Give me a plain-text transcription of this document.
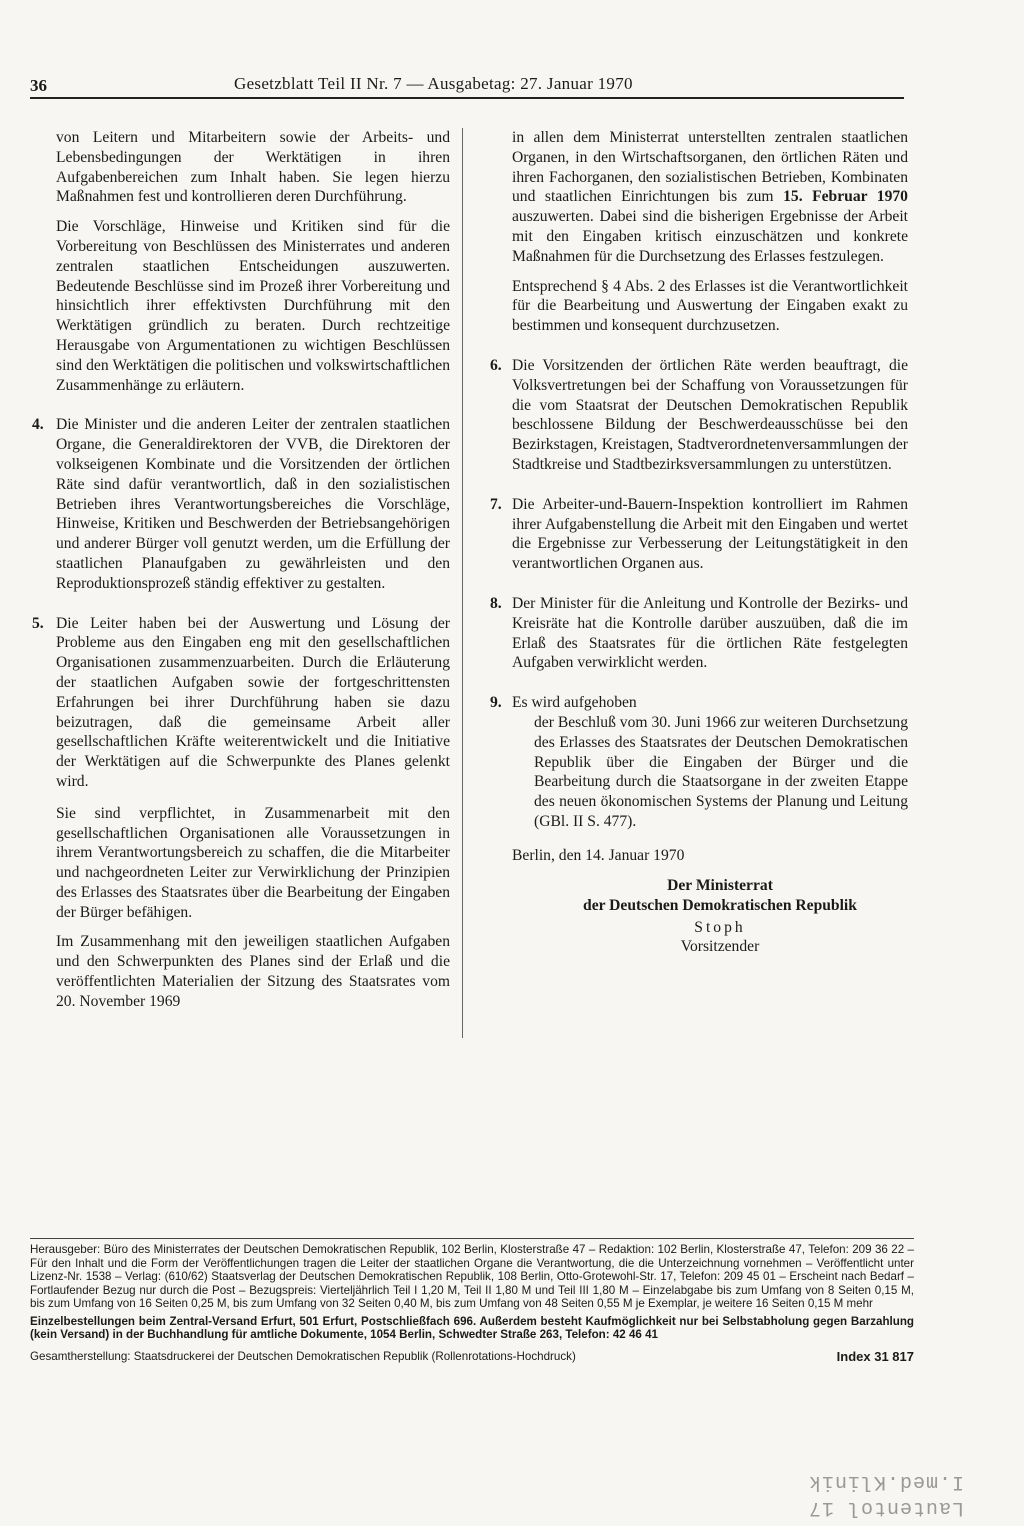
36	Gesetzblatt Teil II Nr. 7 — Ausgabetag: 27. Januar 1970

von Leitern und Mitarbeitern sowie der Arbeits- und Lebensbedingungen der Werktätigen in ihren Aufgabenbereichen zum Inhalt haben. Sie legen hierzu Maßnahmen fest und kontrollieren deren Durchführung.

Die Vorschläge, Hinweise und Kritiken sind für die Vorbereitung von Beschlüssen des Ministerrates und anderen zentralen staatlichen Entscheidungen auszuwerten. Bedeutende Beschlüsse sind im Prozeß ihrer Vorbereitung und hinsichtlich ihrer effektivsten Durchführung mit den Werktätigen gründlich zu beraten. Durch rechtzeitige Herausgabe von Argumentationen zu wichtigen Beschlüssen sind den Werktätigen die politischen und volkswirtschaftlichen Zusammenhänge zu erläutern.

4. Die Minister und die anderen Leiter der zentralen staatlichen Organe, die Generaldirektoren der VVB, die Direktoren der volkseigenen Kombinate und die Vorsitzenden der örtlichen Räte sind dafür verantwortlich, daß in den sozialistischen Betrieben ihres Verantwortungsbereiches die Vorschläge, Hinweise, Kritiken und Beschwerden der Betriebsangehörigen und anderer Bürger voll genutzt werden, um die Erfüllung der staatlichen Planaufgaben zu gewährleisten und den Reproduktionsprozeß ständig effektiver zu gestalten.
5. Die Leiter haben bei der Auswertung und Lösung der Probleme aus den Eingaben eng mit den gesellschaftlichen Organisationen zusammenzuarbeiten. Durch die Erläuterung der staatlichen Aufgaben sowie der fortgeschrittensten Erfahrungen bei ihrer Durchführung haben sie dazu beizutragen, daß die gemeinsame Arbeit aller gesellschaftlichen Kräfte weiterentwickelt und die Initiative der Werktätigen auf die Schwerpunkte des Planes gelenkt wird.

Sie sind verpflichtet, in Zusammenarbeit mit den gesellschaftlichen Organisationen alle Voraussetzungen in ihrem Verantwortungsbereich zu schaffen, die die Mitarbeiter und nachgeordneten Leiter zur Verwirklichung der Prinzipien des Erlasses des Staatsrates über die Bearbeitung der Eingaben der Bürger befähigen.

Im Zusammenhang mit den jeweiligen staatlichen Aufgaben und den Schwerpunkten des Planes sind der Erlaß und die veröffentlichten Materialien der Sitzung des Staatsrates vom 20. November 1969

in allen dem Ministerrat unterstellten zentralen staatlichen Organen, in den Wirtschaftsorganen, den örtlichen Räten und ihren Fachorganen, den sozialistischen Betrieben, Kombinaten und staatlichen Einrichtungen bis zum 15. Februar 1970 auszuwerten. Dabei sind die bisherigen Ergebnisse der Arbeit mit den Eingaben kritisch einzuschätzen und konkrete Maßnahmen für die Durchsetzung des Erlasses festzulegen.

Entsprechend § 4 Abs. 2 des Erlasses ist die Verantwortlichkeit für die Bearbeitung und Auswertung der Eingaben exakt zu bestimmen und konsequent durchzusetzen.

6. Die Vorsitzenden der örtlichen Räte werden beauftragt, die Volksvertretungen bei der Schaffung von Voraussetzungen für die vom Staatsrat der Deutschen Demokratischen Republik beschlossene Bildung der Beschwerdeausschüsse bei den Bezirkstagen, Kreistagen, Stadtverordnetenversammlungen der Stadtkreise und Stadtbezirksversammlungen zu unterstützen.
7. Die Arbeiter-und-Bauern-Inspektion kontrolliert im Rahmen ihrer Aufgabenstellung die Arbeit mit den Eingaben und wertet die Ergebnisse zur Verbesserung der Leitungstätigkeit in den verantwortlichen Organen aus.
8. Der Minister für die Anleitung und Kontrolle der Bezirks- und Kreisräte hat die Kontrolle darüber auszuüben, daß die im Erlaß des Staatsrates für die örtlichen Räte festgelegten Aufgaben verwirklicht werden.
9. Es wird aufgehoben
der Beschluß vom 30. Juni 1966 zur weiteren Durchsetzung des Erlasses des Staatsrates der Deutschen Demokratischen Republik über die Eingaben der Bürger und die Bearbeitung durch die Staatsorgane in der zweiten Etappe des neuen ökonomischen Systems der Planung und Leitung (GBl. II S. 477).
Berlin, den 14. Januar 1970
Der Ministerrat
der Deutschen Demokratischen Republik
Stoph
Vorsitzender
Herausgeber: Büro des Ministerrates der Deutschen Demokratischen Republik, 102 Berlin, Klosterstraße 47 – Redaktion: 102 Berlin, Klosterstraße 47, Telefon: 209 36 22 – Für den Inhalt und die Form der Veröffentlichungen tragen die Leiter der staatlichen Organe die Verantwortung, die die Unterzeichnung vornehmen – Veröffentlicht unter Lizenz-Nr. 1538 – Verlag: (610/62) Staatsverlag der Deutschen Demokratischen Republik, 108 Berlin, Otto-Grotewohl-Str. 17, Telefon: 209 45 01 – Erscheint nach Bedarf – Fortlaufender Bezug nur durch die Post – Bezugspreis: Vierteljährlich Teil I 1,20 M, Teil II 1,80 M und Teil III 1,80 M – Einzelabgabe bis zum Umfang von 8 Seiten 0,15 M, bis zum Umfang von 16 Seiten 0,25 M, bis zum Umfang von 32 Seiten 0,40 M, bis zum Umfang von 48 Seiten 0,55 M je Exemplar, je weitere 16 Seiten 0,15 M mehr
Einzelbestellungen beim Zentral-Versand Erfurt, 501 Erfurt, Postschließfach 696. Außerdem besteht Kaufmöglichkeit nur bei Selbstabholung gegen Barzahlung (kein Versand) in der Buchhandlung für amtliche Dokumente, 1054 Berlin, Schwedter Straße 263, Telefon: 42 46 41
Gesamtherstellung: Staatsdruckerei der Deutschen Demokratischen Republik (Rollenrotations-Hochdruck)	Index 31 817
Lautentol 17
I.med.Klinik
